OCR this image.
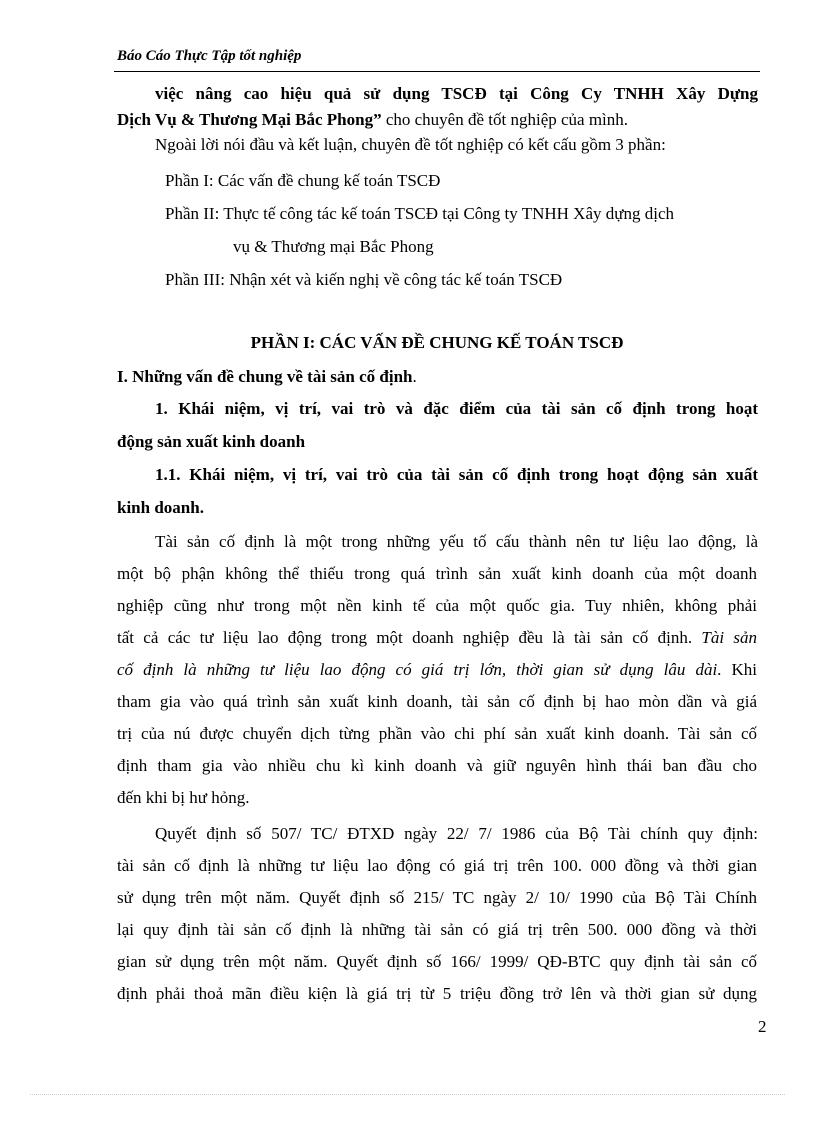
Báo Cáo Thực Tập tốt nghiệp
việc nâng cao hiệu quả sử dụng TSCĐ tại Công Cy TNHH Xây Dựng
Dịch Vụ & Thương Mại Bắc Phong” cho chuyên đề tốt nghiệp của mình.
Ngoài lời nói đầu và kết luận, chuyên đề tốt nghiệp có kết cấu gồm 3 phần:
Phần I: Các vấn đề chung kế toán TSCĐ
Phần II: Thực tế công tác kế toán TSCĐ tại Công ty TNHH Xây dựng dịch
vụ & Thương mại Bắc Phong
Phần III: Nhận xét và kiến nghị về công tác kế toán TSCĐ
PHẦN I: CÁC VẤN ĐỀ CHUNG KẾ TOÁN TSCĐ
I. Những vấn đề chung về tài sản cố định.
1. Khái niệm, vị trí, vai trò và đặc điểm của tài sản cố định trong hoạt
động sản xuất kinh doanh
1.1. Khái niệm, vị trí, vai trò của tài sản cố định trong hoạt động sản xuất
kinh doanh.
Tài sản cố định là một trong những yếu tố cấu thành nên tư liệu lao động, là
một bộ phận không thể thiếu trong quá trình sản xuất kinh doanh của một doanh
nghiệp cũng như trong một nền kinh tế của một quốc gia. Tuy nhiên, không phải
tất cả các tư liệu lao động trong một doanh nghiệp đều là tài sản cố định. Tài sản
cố định là những tư liệu lao động có giá trị lớn, thời gian sử dụng lâu dài. Khi
tham gia vào quá trình sản xuất kinh doanh, tài sản cố định bị hao mòn dần và giá
trị của nú được chuyển dịch từng phần vào chi phí sản xuất kinh doanh. Tài sản cố
định tham gia vào nhiều chu kì kinh doanh và giữ nguyên hình thái ban đầu cho
đến khi bị hư hỏng.
Quyết định số 507/ TC/ ĐTXD ngày 22/ 7/ 1986 của Bộ Tài chính quy định:
tài sản cố định là những tư liệu lao động có giá trị trên 100. 000 đồng và thời gian
sử dụng trên một năm. Quyết định số 215/ TC ngày 2/ 10/ 1990 của Bộ Tài Chính
lại quy định tài sản cố định là những tài sản có giá trị trên 500. 000 đồng và thời
gian sử dụng trên một năm. Quyết định số 166/ 1999/ QĐ-BTC quy định tài sản cố
định phải thoả mãn điều kiện là giá trị từ 5 triệu đồng trở lên và thời gian sử dụng
2
